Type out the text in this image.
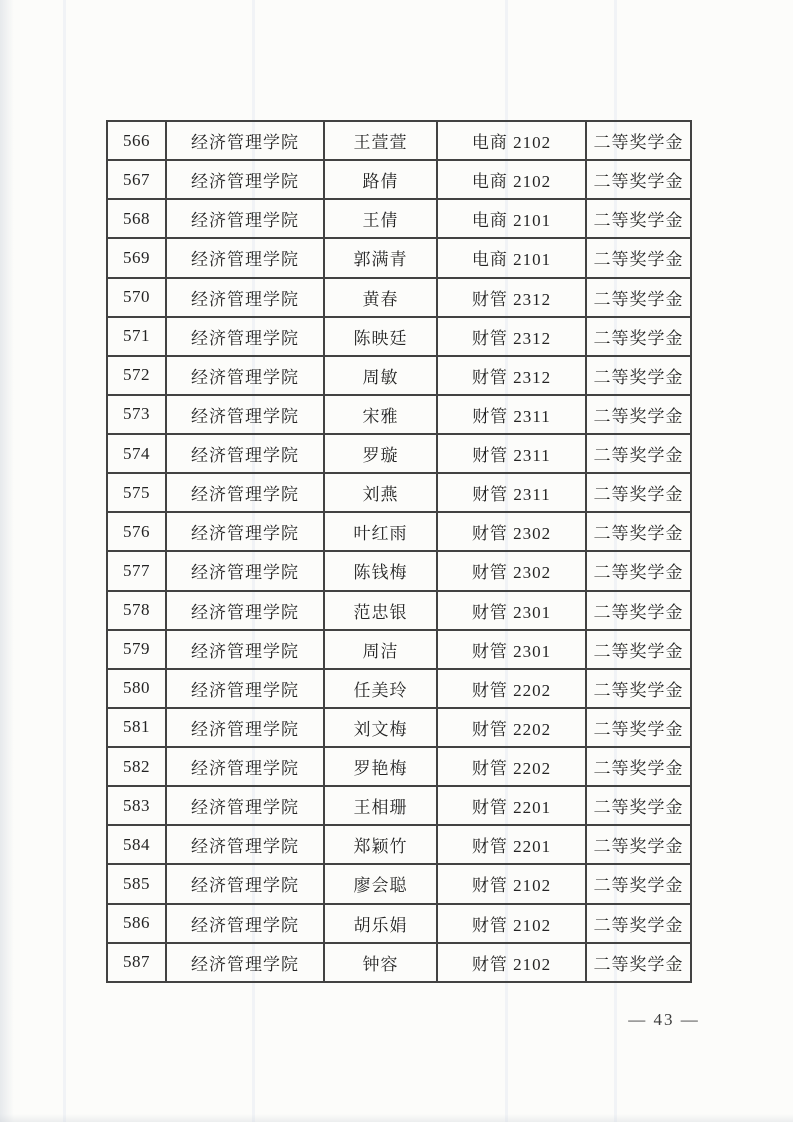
566	经济管理学院	王萱萱	电商 2102	二等奖学金
567	经济管理学院	路倩	电商 2102	二等奖学金
568	经济管理学院	王倩	电商 2101	二等奖学金
569	经济管理学院	郭满青	电商 2101	二等奖学金
570	经济管理学院	黄春	财管 2312	二等奖学金
571	经济管理学院	陈映廷	财管 2312	二等奖学金
572	经济管理学院	周敏	财管 2312	二等奖学金
573	经济管理学院	宋雅	财管 2311	二等奖学金
574	经济管理学院	罗璇	财管 2311	二等奖学金
575	经济管理学院	刘燕	财管 2311	二等奖学金
576	经济管理学院	叶红雨	财管 2302	二等奖学金
577	经济管理学院	陈钱梅	财管 2302	二等奖学金
578	经济管理学院	范忠银	财管 2301	二等奖学金
579	经济管理学院	周洁	财管 2301	二等奖学金
580	经济管理学院	任美玲	财管 2202	二等奖学金
581	经济管理学院	刘文梅	财管 2202	二等奖学金
582	经济管理学院	罗艳梅	财管 2202	二等奖学金
583	经济管理学院	王相珊	财管 2201	二等奖学金
584	经济管理学院	郑颖竹	财管 2201	二等奖学金
585	经济管理学院	廖会聪	财管 2102	二等奖学金
586	经济管理学院	胡乐娟	财管 2102	二等奖学金
587	经济管理学院	钟容	财管 2102	二等奖学金
— 43 —
